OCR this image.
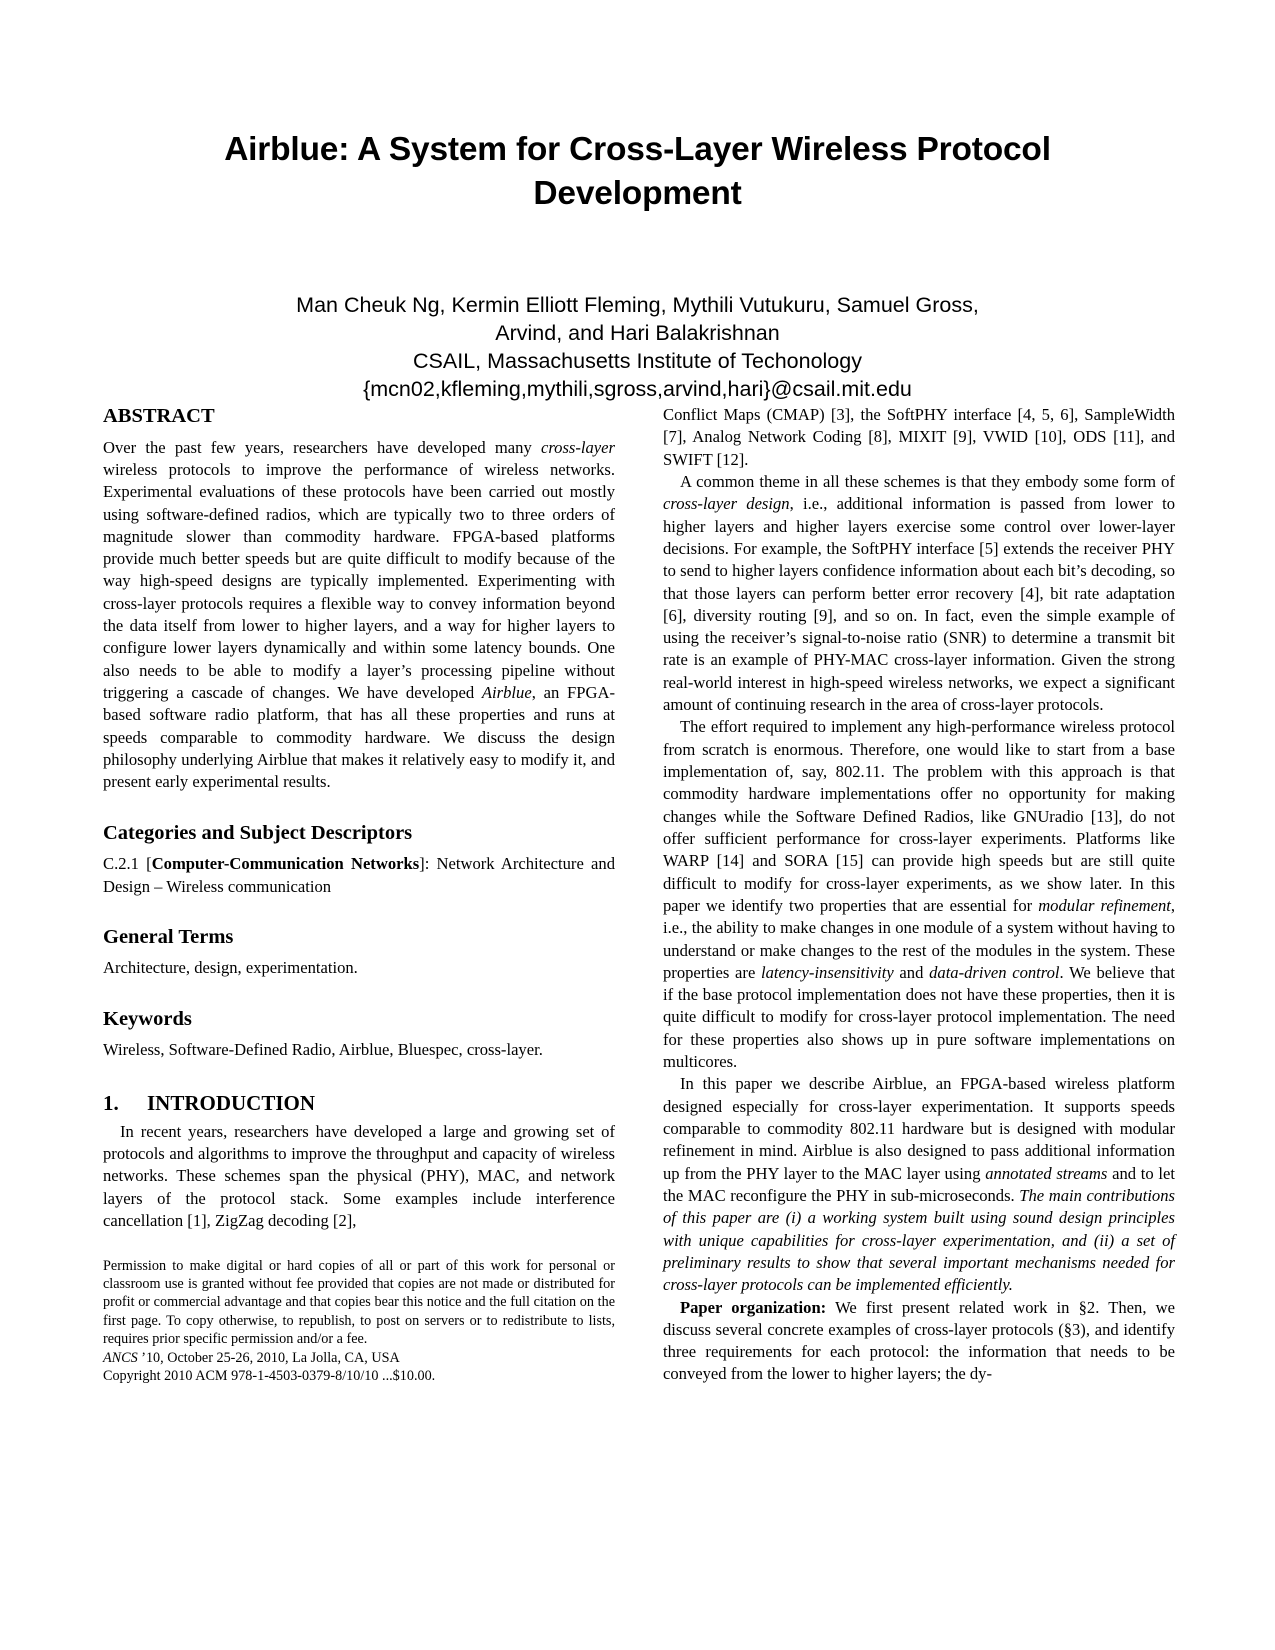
Airblue: A System for Cross-Layer Wireless Protocol Development
Man Cheuk Ng, Kermin Elliott Fleming, Mythili Vutukuru, Samuel Gross,
Arvind, and Hari Balakrishnan
CSAIL, Massachusetts Institute of Techonology
{mcn02,kfleming,mythili,sgross,arvind,hari}@csail.mit.edu
ABSTRACT

Over the past few years, researchers have developed many cross-layer wireless protocols to improve the performance of wireless networks. Experimental evaluations of these protocols have been carried out mostly using software-defined radios, which are typically two to three orders of magnitude slower than commodity hardware. FPGA-based platforms provide much better speeds but are quite difficult to modify because of the way high-speed designs are typically implemented. Experimenting with cross-layer protocols requires a flexible way to convey information beyond the data itself from lower to higher layers, and a way for higher layers to configure lower layers dynamically and within some latency bounds. One also needs to be able to modify a layer’s processing pipeline without triggering a cascade of changes. We have developed Airblue, an FPGA-based software radio platform, that has all these properties and runs at speeds comparable to commodity hardware. We discuss the design philosophy underlying Airblue that makes it relatively easy to modify it, and present early experimental results.

Categories and Subject Descriptors

C.2.1 [Computer-Communication Networks]: Network Architecture and Design – Wireless communication

General Terms

Architecture, design, experimentation.

Keywords

Wireless, Software-Defined Radio, Airblue, Bluespec, cross-layer.

1. INTRODUCTION

In recent years, researchers have developed a large and growing set of protocols and algorithms to improve the throughput and capacity of wireless networks. These schemes span the physical (PHY), MAC, and network layers of the protocol stack. Some examples include interference cancellation [1], ZigZag decoding [2],

Permission to make digital or hard copies of all or part of this work for personal or classroom use is granted without fee provided that copies are not made or distributed for profit or commercial advantage and that copies bear this notice and the full citation on the first page. To copy otherwise, to republish, to post on servers or to redistribute to lists, requires prior specific permission and/or a fee.

ANCS ’10, October 25-26, 2010, La Jolla, CA, USA

Copyright 2010 ACM 978-1-4503-0379-8/10/10 ...$10.00.

Conflict Maps (CMAP) [3], the SoftPHY interface [4, 5, 6], SampleWidth [7], Analog Network Coding [8], MIXIT [9], VWID [10], ODS [11], and SWIFT [12].

A common theme in all these schemes is that they embody some form of cross-layer design, i.e., additional information is passed from lower to higher layers and higher layers exercise some control over lower-layer decisions. For example, the SoftPHY interface [5] extends the receiver PHY to send to higher layers confidence information about each bit’s decoding, so that those layers can perform better error recovery [4], bit rate adaptation [6], diversity routing [9], and so on. In fact, even the simple example of using the receiver’s signal-to-noise ratio (SNR) to determine a transmit bit rate is an example of PHY-MAC cross-layer information. Given the strong real-world interest in high-speed wireless networks, we expect a significant amount of continuing research in the area of cross-layer protocols.

The effort required to implement any high-performance wireless protocol from scratch is enormous. Therefore, one would like to start from a base implementation of, say, 802.11. The problem with this approach is that commodity hardware implementations offer no opportunity for making changes while the Software Defined Radios, like GNUradio [13], do not offer sufficient performance for cross-layer experiments. Platforms like WARP [14] and SORA [15] can provide high speeds but are still quite difficult to modify for cross-layer experiments, as we show later. In this paper we identify two properties that are essential for modular refinement, i.e., the ability to make changes in one module of a system without having to understand or make changes to the rest of the modules in the system. These properties are latency-insensitivity and data-driven control. We believe that if the base protocol implementation does not have these properties, then it is quite difficult to modify for cross-layer protocol implementation. The need for these properties also shows up in pure software implementations on multicores.

In this paper we describe Airblue, an FPGA-based wireless platform designed especially for cross-layer experimentation. It supports speeds comparable to commodity 802.11 hardware but is designed with modular refinement in mind. Airblue is also designed to pass additional information up from the PHY layer to the MAC layer using annotated streams and to let the MAC reconfigure the PHY in sub-microseconds. The main contributions of this paper are (i) a working system built using sound design principles with unique capabilities for cross-layer experimentation, and (ii) a set of preliminary results to show that several important mechanisms needed for cross-layer protocols can be implemented efficiently.

Paper organization: We first present related work in §2. Then, we discuss several concrete examples of cross-layer protocols (§3), and identify three requirements for each protocol: the information that needs to be conveyed from the lower to higher layers; the dy-
